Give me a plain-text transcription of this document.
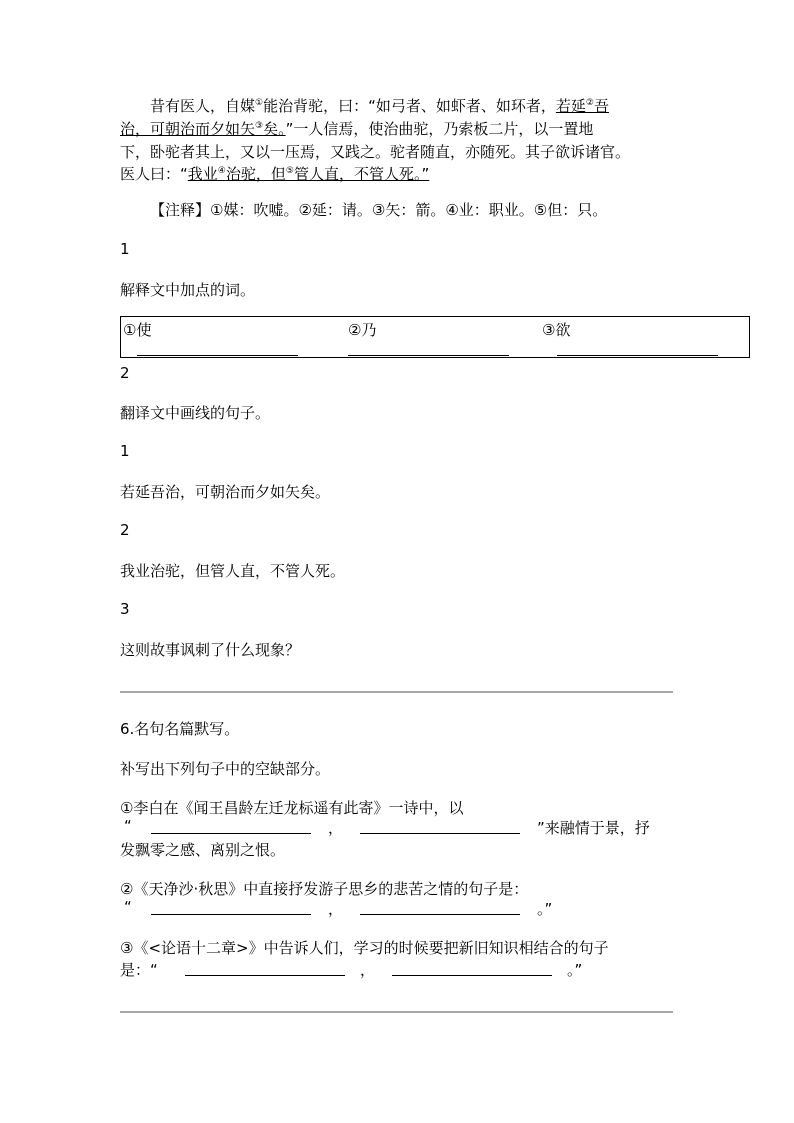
昔有医人，自媒①能治背驼，曰：“如弓者、如虾者、如环者，若延②吾
治，可朝治而夕如矢③矣。”一人信焉，使治曲驼，乃索板二片，以一置地
下，卧驼者其上，又以一压焉，又践之。驼者随直，亦随死。其子欲诉诸官。
医人曰：“我业④治驼，但⑤管人直，不管人死。”
【注释】①媒：吹嘘。②延：请。③矢：箭。④业：职业。⑤但：只。
1
解释文中加点的词。
①使	②乃	③欲
2
翻译文中画线的句子。
1
若延吾治，可朝治而夕如矢矣。
2
我业治驼，但管人直，不管人死。
3
这则故事讽刺了什么现象？
6.名句名篇默写。
补写出下列句子中的空缺部分。
①李白在《闻王昌龄左迁龙标遥有此寄》一诗中，以
“	，	”来融情于景，抒
发飘零之感、离别之恨。
②《天净沙·秋思》中直接抒发游子思乡的悲苦之情的句子是：
“	，	。”
③《<论语十二章>》中告诉人们，学习的时候要把新旧知识相结合的句子
是：“	，	。”
